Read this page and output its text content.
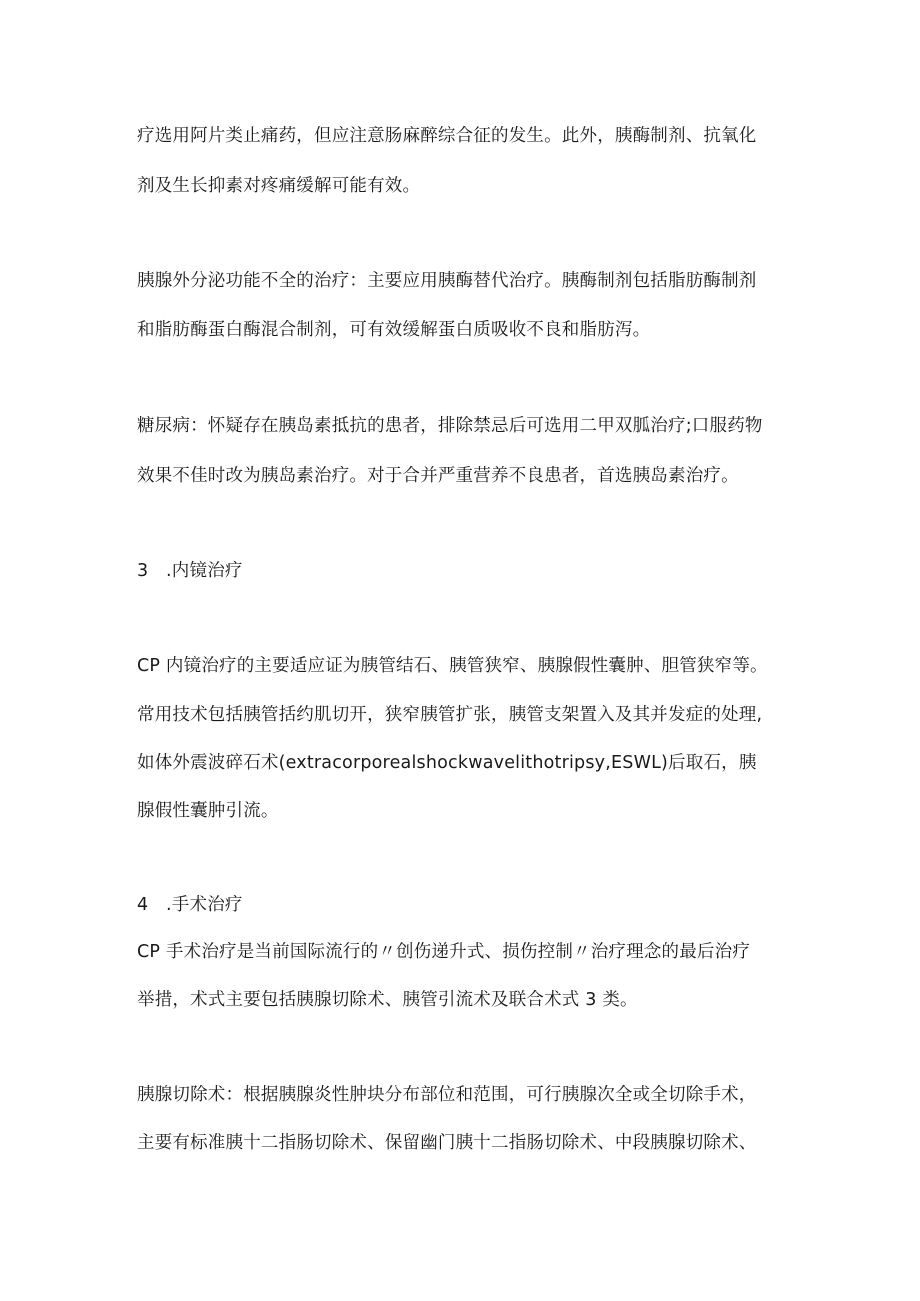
疗选用阿片类止痛药，但应注意肠麻醉综合征的发生。此外，胰酶制剂、抗氧化

剂及生长抑素对疼痛缓解可能有效。

胰腺外分泌功能不全的治疗：主要应用胰酶替代治疗。胰酶制剂包括脂肪酶制剂

和脂肪酶蛋白酶混合制剂，可有效缓解蛋白质吸收不良和脂肪泻。

糖尿病：怀疑存在胰岛素抵抗的患者，排除禁忌后可选用二甲双胍治疗;口服药物

效果不佳时改为胰岛素治疗。对于合并严重营养不良患者，首选胰岛素治疗。

3　.内镜治疗

CP 内镜治疗的主要适应证为胰管结石、胰管狭窄、胰腺假性囊肿、胆管狭窄等。

常用技术包括胰管括约肌切开，狭窄胰管扩张，胰管支架置入及其并发症的处理,

如体外震波碎石术(extracorporealshockwavelithotripsy,ESWL)后取石，胰

腺假性囊肿引流。

4　.手术治疗

CP 手术治疗是当前国际流行的〃创伤递升式、损伤控制〃治疗理念的最后治疗

举措，术式主要包括胰腺切除术、胰管引流术及联合术式 3 类。

胰腺切除术：根据胰腺炎性肿块分布部位和范围，可行胰腺次全或全切除手术，

主要有标准胰十二指肠切除术、保留幽门胰十二指肠切除术、中段胰腺切除术、
